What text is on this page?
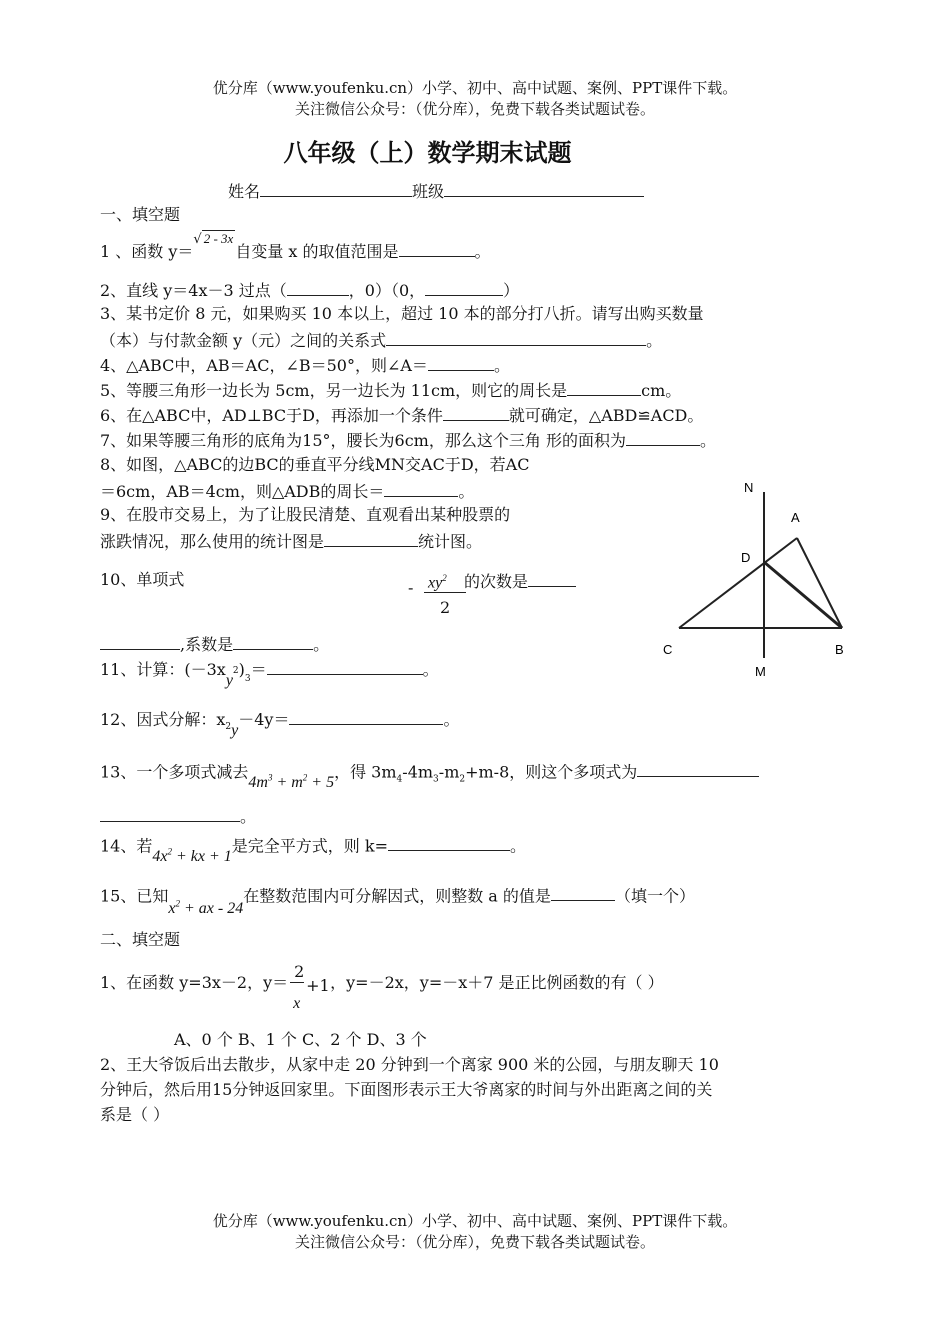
优分库（www.youfenku.cn）小学、初中、高中试题、案例、PPT课件下载。
关注微信公众号：（优分库），免费下载各类试题试卷。
八年级（上）数学期末试题
姓名	班级
一、填空题
1 、函数 y＝√ $^{2 - 3x}$自变量 x 的取值范围是	。
2、直线 y＝4x－3 过点（	，0）（0，	）
3、某书定价 8 元，如果购买 10 本以上，超过 10 本的部分打八折。请写出购买数量
（本）与付款金额 y（元）之间的关系式	。
4、△ABC中，AB＝AC，∠B＝50°，则∠A＝	。
5、等腰三角形一边长为 5cm，另一边长为 11cm，则它的周长是	cm。
6、在△ABC中，AD⊥BC于D，再添加一个条件	就可确定，△ABD≌ACD。
7、如果等腰三角形的底角为15°，腰长为6cm，那么这个三角 形的面积为	。
8、如图，△ABC的边BC的垂直平分线MN交AC于D，若AC
＝6cm，AB＝4cm，则△ADB的周长＝	。
9、在股市交易上，为了让股民清楚、直观看出某种股票的
涨跌情况，那么使用的统计图是	统计图。
10、单项式	- $xy^2$
2
的次数是
,系数是	。
11、计算：$(-3xy2)_3=$	。
12、因式分解：$x_2y-4y=$	。
13、一个多项式减去$4m^3 + m^2 + 5$，得 $3m_4-4m_3-m_2+m-8$，则这个多项式为
。
14、若$4x^2$ + kx + 1是完全平方式，则 k=	。
15、已知$x^2$ + ax - 24在整数范围内可分解因式，则整数 a 的值是	（填一个）
二、填空题
1、在函数 y=3x－2，y＝
2
x
+1 ，y=－2x，y=－x＋7 是正比例函数的有（ ）
A、0 个 B、1 个 C、2 个 D、3 个
2、王大爷饭后出去散步，从家中走 20 分钟到一个离家 900 米的公园，与朋友聊天 10
分钟后，然后用15分钟返回家里。下面图形表示王大爷离家的时间与外出距离之间的关
系是（ ）
N
A
D
C	B
M
优分库（www.youfenku.cn）小学、初中、高中试题、案例、PPT课件下载。
关注微信公众号：（优分库），免费下载各类试题试卷。
